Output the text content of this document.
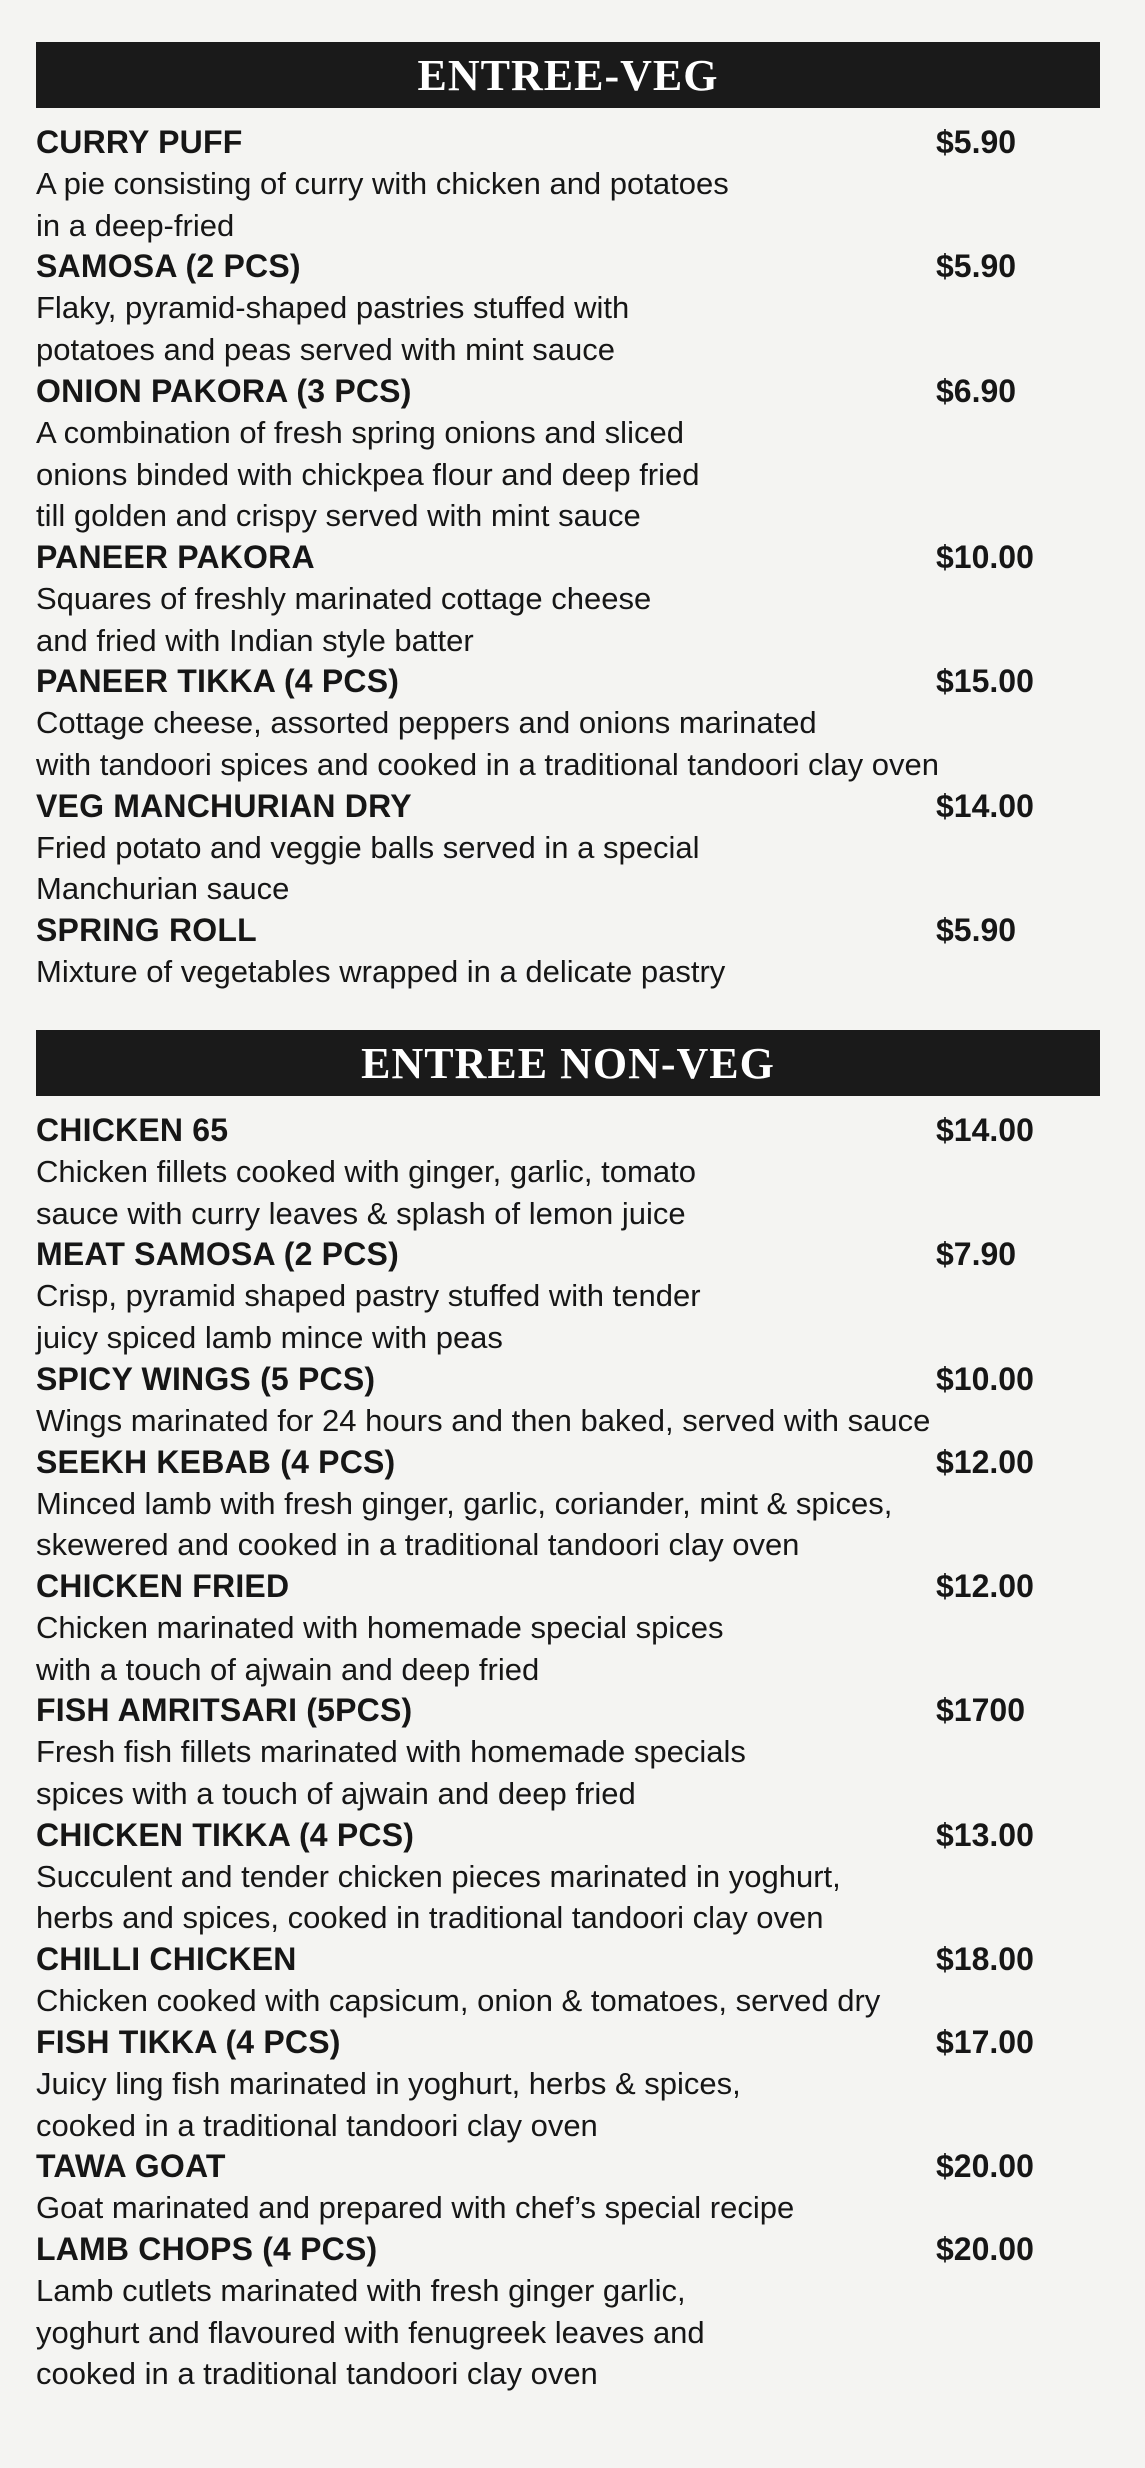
ENTREE-VEG
CURRY PUFF	$5.90
A pie consisting of curry with chicken and potatoes
in a deep-fried
SAMOSA (2 PCS)	$5.90
Flaky, pyramid-shaped pastries stuffed with
potatoes and peas served with mint sauce
ONION PAKORA (3 PCS)	$6.90
A combination of fresh spring onions and sliced
onions binded with chickpea flour and deep fried
till golden and crispy served with mint sauce
PANEER PAKORA	$10.00
Squares of freshly marinated cottage cheese
and fried with Indian style batter
PANEER TIKKA (4 PCS)	$15.00
Cottage cheese, assorted peppers and onions marinated
with tandoori spices and cooked in a traditional tandoori clay oven
VEG MANCHURIAN DRY	$14.00
Fried potato and veggie balls served in a special
Manchurian sauce
SPRING ROLL	$5.90
Mixture of vegetables wrapped in a delicate pastry
ENTREE NON-VEG
CHICKEN 65	$14.00
Chicken fillets cooked with ginger, garlic, tomato
sauce with curry leaves & splash of lemon juice
MEAT SAMOSA (2 PCS)	$7.90
Crisp, pyramid shaped pastry stuffed with tender
juicy spiced lamb mince with peas
SPICY WINGS (5 PCS)	$10.00
Wings marinated for 24 hours and then baked, served with sauce
SEEKH KEBAB (4 PCS)	$12.00
Minced lamb with fresh ginger, garlic, coriander, mint & spices,
skewered and cooked in a traditional tandoori clay oven
CHICKEN FRIED	$12.00
Chicken marinated with homemade special spices
with a touch of ajwain and deep fried
FISH AMRITSARI (5PCS)	$1700
Fresh fish fillets marinated with homemade specials
spices with a touch of ajwain and deep fried
CHICKEN TIKKA (4 PCS)	$13.00
Succulent and tender chicken pieces marinated in yoghurt,
herbs and spices, cooked in traditional tandoori clay oven
CHILLI CHICKEN	$18.00
Chicken cooked with capsicum, onion & tomatoes, served dry
FISH TIKKA (4 PCS)	$17.00
Juicy ling fish marinated in yoghurt, herbs & spices,
cooked in a traditional tandoori clay oven
TAWA GOAT	$20.00
Goat marinated and prepared with chef’s special recipe
LAMB CHOPS (4 PCS)	$20.00
Lamb cutlets marinated with fresh ginger garlic,
yoghurt and flavoured with fenugreek leaves and
cooked in a traditional tandoori clay oven
